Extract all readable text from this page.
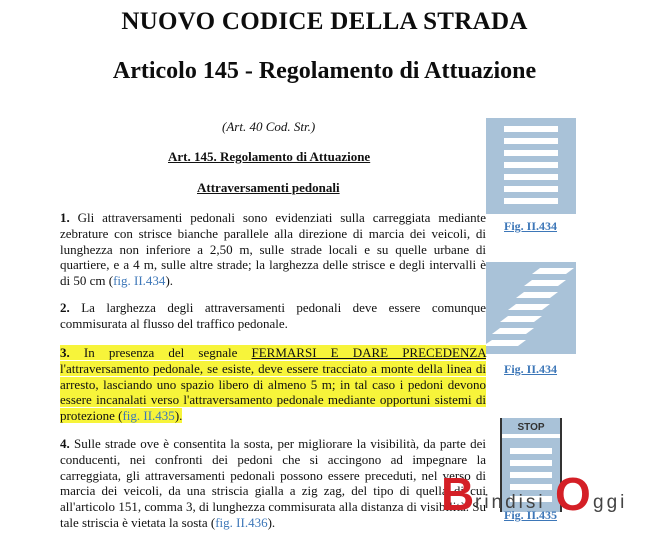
NUOVO CODICE DELLA STRADA
Articolo 145 - Regolamento di Attuazione
(Art. 40 Cod. Str.)
Art. 145. Regolamento di Attuazione
Attraversamenti pedonali

1. Gli attraversamenti pedonali sono evidenziati sulla carreggiata mediante zebrature con strisce bianche parallele alla direzione di marcia dei veicoli, di lunghezza non inferiore a 2,50 m, sulle strade locali e su quelle urbane di quartiere, e a 4 m, sulle altre strade; la larghezza delle strisce e degli intervalli è di 50 cm (fig. II.434).

2. La larghezza degli attraversamenti pedonali deve essere comunque commisurata al flusso del traffico pedonale.

3. In presenza del segnale FERMARSI E DARE PRECEDENZA l'attraversamento pedonale, se esiste, deve essere tracciato a monte della linea di arresto, lasciando uno spazio libero di almeno 5 m; in tal caso i pedoni devono essere incanalati verso l'attraversamento pedonale mediante opportuni sistemi di protezione (fig. II.435).

4. Sulle strade ove è consentita la sosta, per migliorare la visibilità, da parte dei conducenti, nei confronti dei pedoni che si accingono ad impegnare la carreggiata, gli attraversamenti pedonali possono essere preceduti, nel verso di marcia dei veicoli, da una striscia gialla a zig zag, del tipo di quella di cui all'articolo 151, comma 3, di lunghezza commisurata alla distanza di visibilità. Su tale striscia è vietata la sosta (fig. II.436).

Fig. II.434
Fig. II.434
STOP
Fig. II.435
B rindisi O ggi
